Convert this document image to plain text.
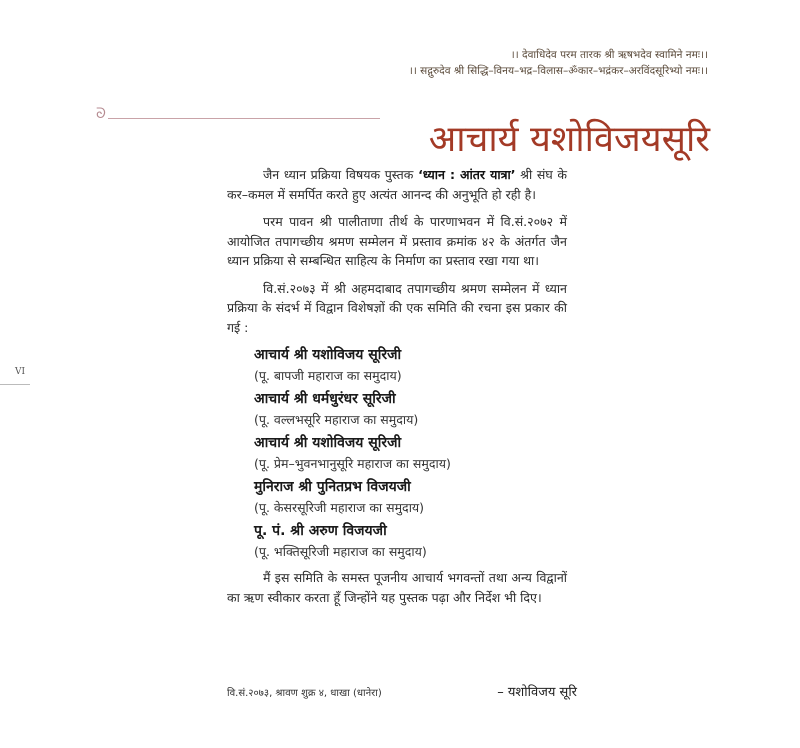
।। देवाधिदेव परम तारक श्री ऋषभदेव स्वामिने नमः।।
।। सद्गुरुदेव श्री सिद्धि–विनय–भद्र–विलास–ॐकार–भद्रंकर–अरविंदसूरिभ्यो नमः।।
ᘐ
आचार्य यशोविजयसूरि

जैन ध्यान प्रक्रिया विषयक पुस्तक ‘ध्यान : आंतर यात्रा’ श्री संघ के कर–कमल में समर्पित करते हुए अत्यंत आनन्द की अनुभूति हो रही है।

परम पावन श्री पालीताणा तीर्थ के पारणाभवन में वि.सं.२०७२ में आयोजित तपागच्छीय श्रमण सम्मेलन में प्रस्ताव क्रमांक ४२ के अंतर्गत जैन ध्यान प्रक्रिया से सम्बन्धित साहित्य के निर्माण का प्रस्ताव रखा गया था।

वि.सं.२०७३ में श्री अहमदाबाद तपागच्छीय श्रमण सम्मेलन में ध्यान प्रक्रिया के संदर्भ में विद्वान विशेषज्ञों की एक समिति की रचना इस प्रकार की गई :

आचार्य श्री यशोविजय सूरिजी
(पू. बापजी महाराज का समुदाय)
आचार्य श्री धर्मधुरंधर सूरिजी
(पू. वल्लभसूरि महाराज का समुदाय)
आचार्य श्री यशोविजय सूरिजी
(पू. प्रेम–भुवनभानुसूरि महाराज का समुदाय)
मुनिराज श्री पुनितप्रभ विजयजी
(पू. केसरसूरिजी महाराज का समुदाय)
पू. पं. श्री अरुण विजयजी
(पू. भक्तिसूरिजी महाराज का समुदाय)

मैं इस समिति के समस्त पूजनीय आचार्य भगवन्तों तथा अन्य विद्वानों का ऋण स्वीकार करता हूँ जिन्होंने यह पुस्तक पढ़ा और निर्देश भी दिए।

वि.सं.२०७३, श्रावण शुक्र ४, धाखा (धानेरा)	– यशोविजय सूरि
VI
